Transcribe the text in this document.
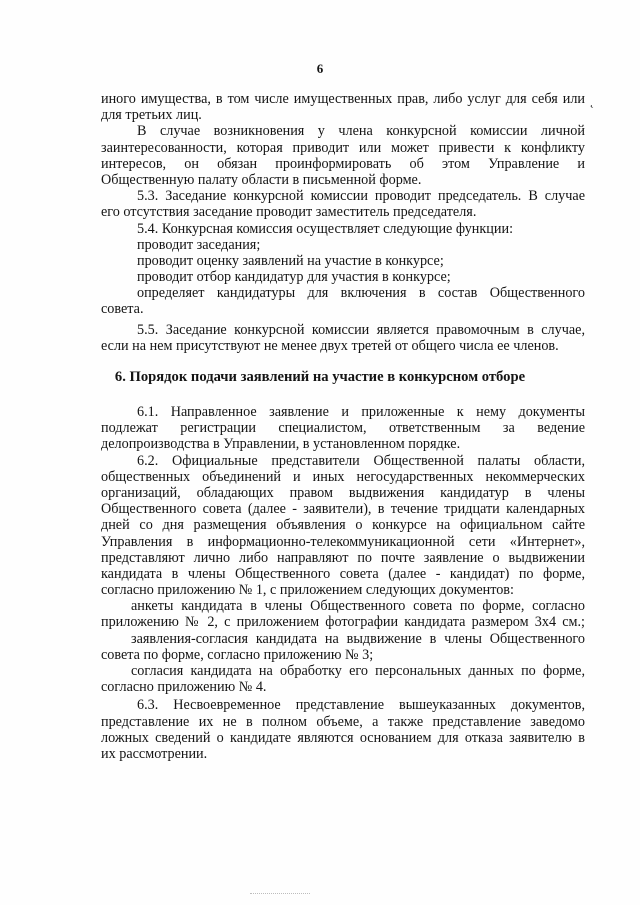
6
˛
иного имущества, в том числе имущественных прав, либо услуг для себя или
для третьих лиц.
В случае возникновения у члена конкурсной комиссии личной
заинтересованности, которая приводит или может привести к конфликту
интересов, он обязан проинформировать об этом Управление и
Общественную палату области в письменной форме.
5.3. Заседание конкурсной комиссии проводит председатель. В случае
его отсутствия заседание проводит заместитель председателя.
5.4. Конкурсная комиссия осуществляет следующие функции:
проводит заседания;
проводит оценку заявлений на участие в конкурсе;
проводит отбор кандидатур для участия в конкурсе;
определяет кандидатуры для включения в состав Общественного
совета.
5.5. Заседание конкурсной комиссии является правомочным в случае,
если на нем присутствуют не менее двух третей от общего числа ее членов.
6. Порядок подачи заявлений на участие в конкурсном отборе
6.1. Направленное заявление и приложенные к нему документы
подлежат регистрации специалистом, ответственным за ведение
делопроизводства в Управлении, в установленном порядке.
6.2. Официальные представители Общественной палаты области,
общественных объединений и иных негосударственных некоммерческих
организаций, обладающих правом выдвижения кандидатур в члены
Общественного совета (далее - заявители), в течение тридцати календарных
дней со дня размещения объявления о конкурсе на официальном сайте
Управления в информационно-телекоммуникационной сети «Интернет»,
представляют лично либо направляют по почте заявление о выдвижении
кандидата в члены Общественного совета (далее - кандидат) по форме,
согласно приложению № 1, с приложением следующих документов:
анкеты кандидата в члены Общественного совета по форме, согласно
приложению № 2, с приложением фотографии кандидата размером 3х4 см.;
заявления-согласия кандидата на выдвижение в члены Общественного
совета по форме, согласно приложению № 3;
согласия кандидата на обработку его персональных данных по форме,
согласно приложению № 4.
6.3. Несвоевременное представление вышеуказанных документов,
представление их не в полном объеме, а также представление заведомо
ложных сведений о кандидате являются основанием для отказа заявителю в
их рассмотрении.
